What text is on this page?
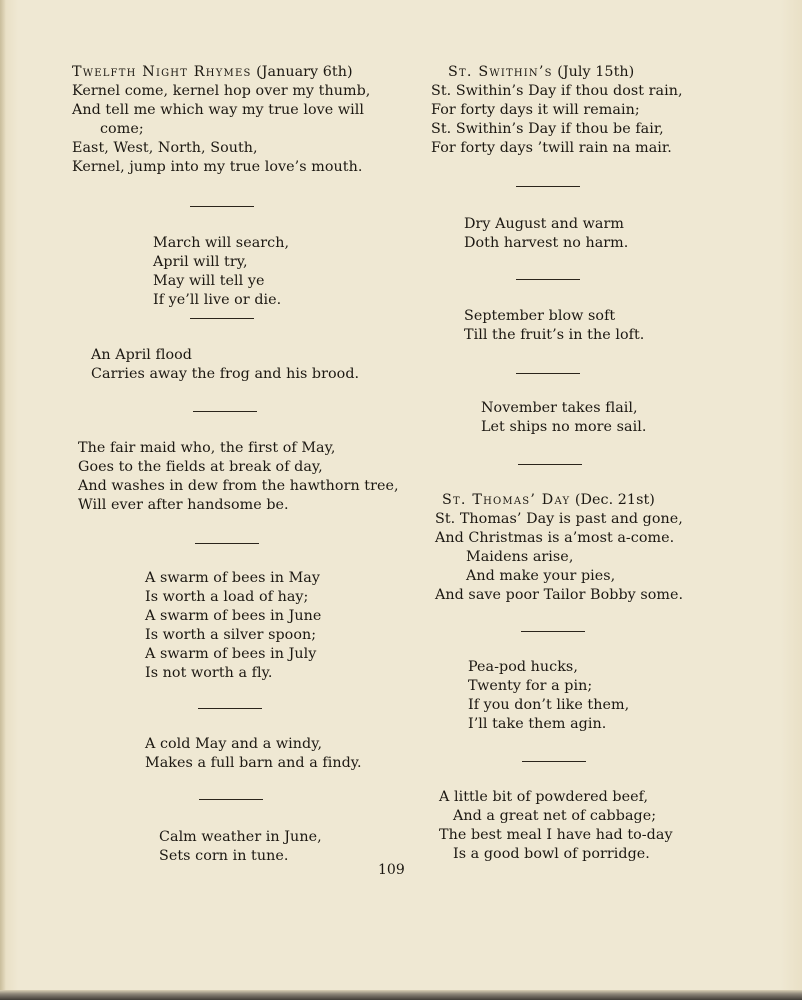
Twelfth Night Rhymes (January 6th)
Kernel come, kernel hop over my thumb,
And tell me which way my true love will
come;
East, West, North, South,
Kernel, jump into my true love’s mouth.
March will search,
April will try,
May will tell ye
If ye’ll live or die.
An April flood
Carries away the frog and his brood.
The fair maid who, the first of May,
Goes to the fields at break of day,
And washes in dew from the hawthorn tree,
Will ever after handsome be.
A swarm of bees in May
Is worth a load of hay;
A swarm of bees in June
Is worth a silver spoon;
A swarm of bees in July
Is not worth a fly.
A cold May and a windy,
Makes a full barn and a findy.
Calm weather in June,
Sets corn in tune.
St. Swithin’s (July 15th)
St. Swithin’s Day if thou dost rain,
For forty days it will remain;
St. Swithin’s Day if thou be fair,
For forty days ’twill rain na mair.
Dry August and warm
Doth harvest no harm.
September blow soft
Till the fruit’s in the loft.
November takes flail,
Let ships no more sail.
St. Thomas’ Day (Dec. 21st)
St. Thomas’ Day is past and gone,
And Christmas is a’most a-come.
Maidens arise,
And make your pies,
And save poor Tailor Bobby some.
Pea-pod hucks,
Twenty for a pin;
If you don’t like them,
I’ll take them agin.
A little bit of powdered beef,
And a great net of cabbage;
The best meal I have had to-day
Is a good bowl of porridge.
109
